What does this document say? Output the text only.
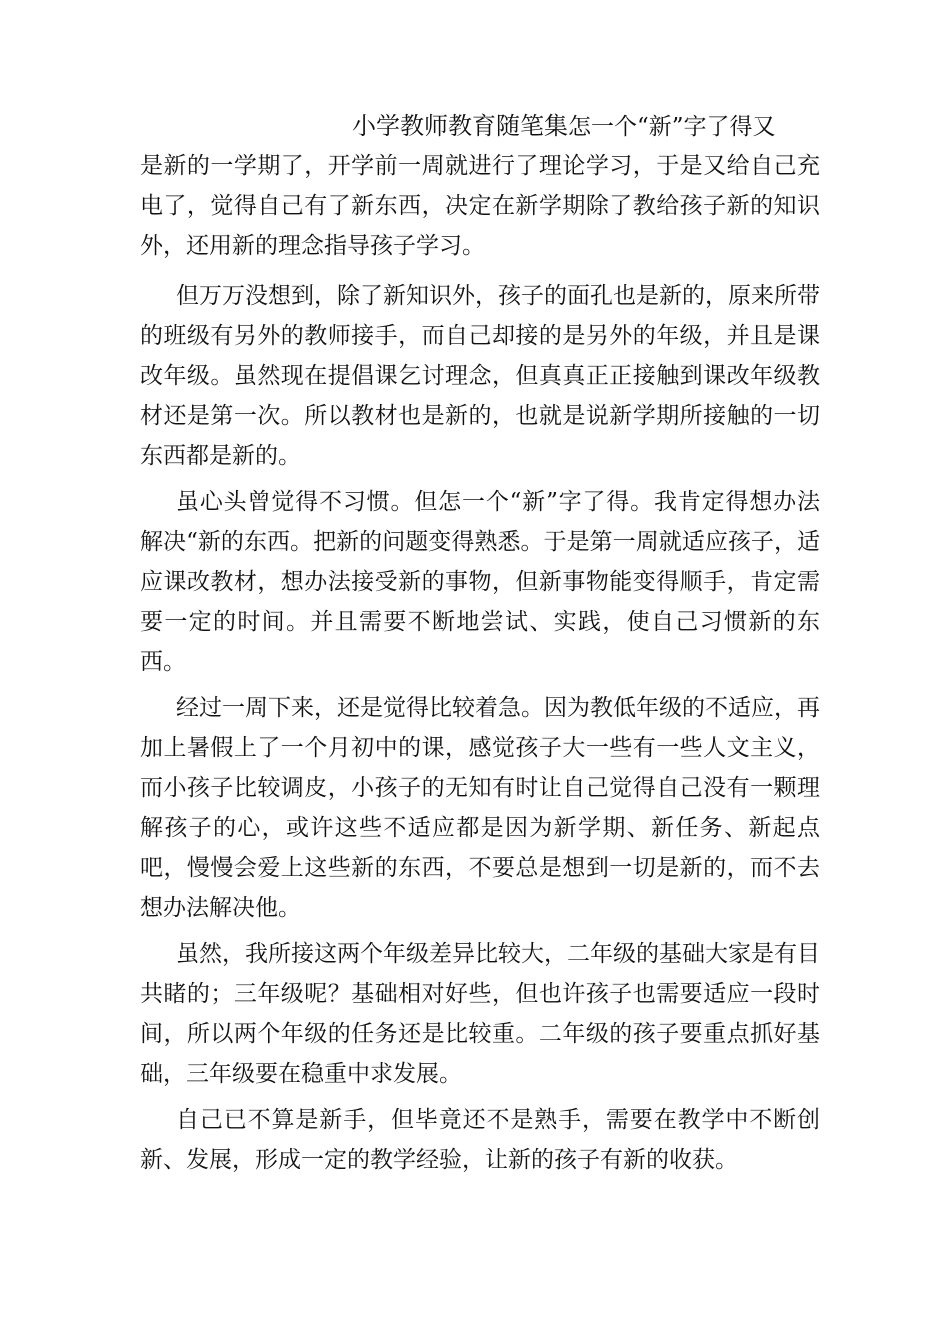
小学教师教育随笔集怎一个“新”字了得又

是新的一学期了，开学前一周就进行了理论学习，于是又给自己充电了，觉得自己有了新东西，决定在新学期除了教给孩子新的知识外，还用新的理念指导孩子学习。

但万万没想到，除了新知识外，孩子的面孔也是新的，原来所带的班级有另外的教师接手，而自己却接的是另外的年级，并且是课改年级。虽然现在提倡课乞讨理念，但真真正正接触到课改年级教材还是第一次。所以教材也是新的，也就是说新学期所接触的一切东西都是新的。

虽心头曾觉得不习惯。但怎一个“新”字了得。我肯定得想办法解决“新的东西。把新的问题变得熟悉。于是第一周就适应孩子，适应课改教材，想办法接受新的事物，但新事物能变得顺手，肯定需要一定的时间。并且需要不断地尝试、实践，使自己习惯新的东西。

经过一周下来，还是觉得比较着急。因为教低年级的不适应，再加上暑假上了一个月初中的课，感觉孩子大一些有一些人文主义，而小孩子比较调皮，小孩子的无知有时让自己觉得自己没有一颗理解孩子的心，或许这些不适应都是因为新学期、新任务、新起点吧，慢慢会爱上这些新的东西，不要总是想到一切是新的，而不去想办法解决他。

虽然，我所接这两个年级差异比较大，二年级的基础大家是有目共睹的；三年级呢？基础相对好些，但也许孩子也需要适应一段时间，所以两个年级的任务还是比较重。二年级的孩子要重点抓好基础，三年级要在稳重中求发展。

自己已不算是新手，但毕竟还不是熟手，需要在教学中不断创新、发展，形成一定的教学经验，让新的孩子有新的收获。
